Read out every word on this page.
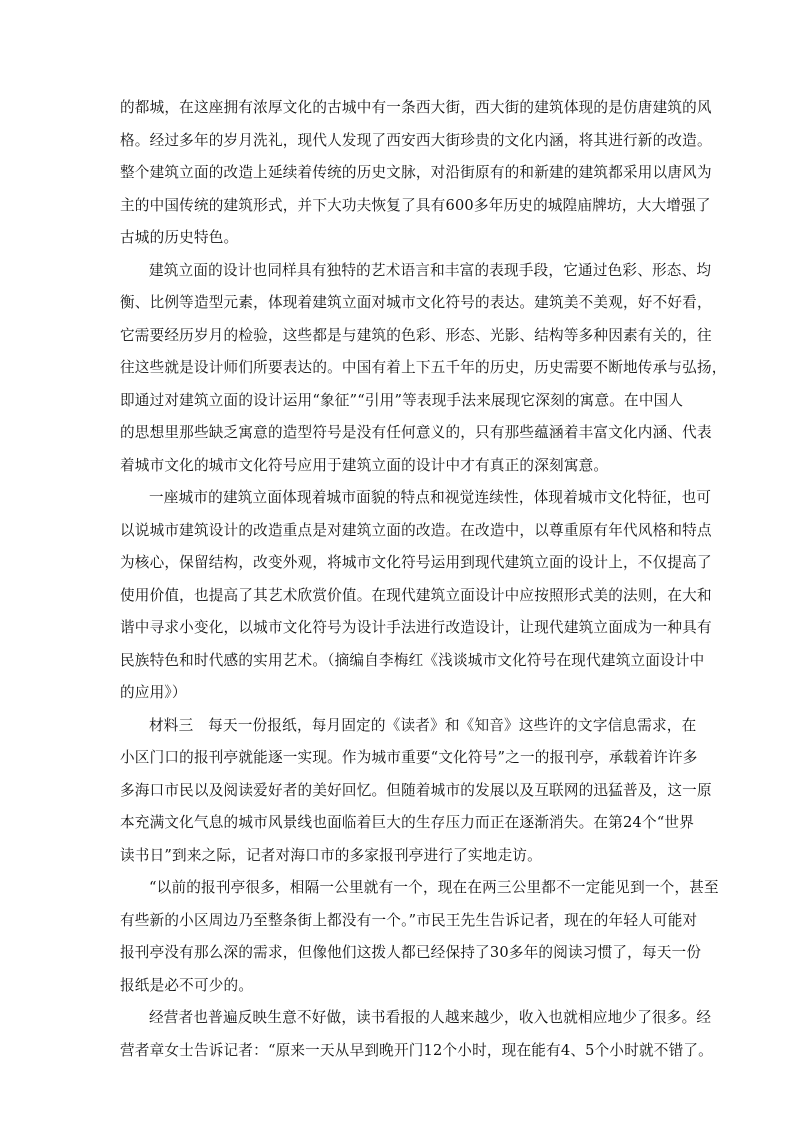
的都城，在这座拥有浓厚文化的古城中有一条西大街，西大街的建筑体现的是仿唐建筑的风
格。经过多年的岁月洗礼，现代人发现了西安西大街珍贵的文化内涵，将其进行新的改造。
整个建筑立面的改造上延续着传统的历史文脉，对沿街原有的和新建的建筑都采用以唐风为
主的中国传统的建筑形式，并下大功夫恢复了具有600多年历史的城隍庙牌坊，大大增强了
古城的历史特色。
建筑立面的设计也同样具有独特的艺术语言和丰富的表现手段，它通过色彩、形态、均
衡、比例等造型元素，体现着建筑立面对城市文化符号的表达。建筑美不美观，好不好看，
它需要经历岁月的检验，这些都是与建筑的色彩、形态、光影、结构等多种因素有关的，往
往这些就是设计师们所要表达的。中国有着上下五千年的历史，历史需要不断地传承与弘扬，
即通过对建筑立面的设计运用“象征”“引用”等表现手法来展现它深刻的寓意。在中国人
的思想里那些缺乏寓意的造型符号是没有任何意义的，只有那些蕴涵着丰富文化内涵、代表
着城市文化的城市文化符号应用于建筑立面的设计中才有真正的深刻寓意。
一座城市的建筑立面体现着城市面貌的特点和视觉连续性，体现着城市文化特征，也可
以说城市建筑设计的改造重点是对建筑立面的改造。在改造中，以尊重原有年代风格和特点
为核心，保留结构，改变外观，将城市文化符号运用到现代建筑立面的设计上，不仅提高了
使用价值，也提高了其艺术欣赏价值。在现代建筑立面设计中应按照形式美的法则，在大和
谐中寻求小变化，以城市文化符号为设计手法进行改造设计，让现代建筑立面成为一种具有
民族特色和时代感的实用艺术。（摘编自李梅红《浅谈城市文化符号在现代建筑立面设计中
的应用》）
材料三　每天一份报纸，每月固定的《读者》和《知音》这些许的文字信息需求，在
小区门口的报刊亭就能逐一实现。作为城市重要“文化符号”之一的报刊亭，承载着许许多
多海口市民以及阅读爱好者的美好回忆。但随着城市的发展以及互联网的迅猛普及，这一原
本充满文化气息的城市风景线也面临着巨大的生存压力而正在逐渐消失。在第24个“世界
读书日”到来之际，记者对海口市的多家报刊亭进行了实地走访。
“以前的报刊亭很多，相隔一公里就有一个，现在在两三公里都不一定能见到一个，甚至
有些新的小区周边乃至整条街上都没有一个。”市民王先生告诉记者，现在的年轻人可能对
报刊亭没有那么深的需求，但像他们这拨人都已经保持了30多年的阅读习惯了，每天一份
报纸是必不可少的。
经营者也普遍反映生意不好做，读书看报的人越来越少，收入也就相应地少了很多。经
营者章女士告诉记者：“原来一天从早到晚开门12个小时，现在能有4、5个小时就不错了。
